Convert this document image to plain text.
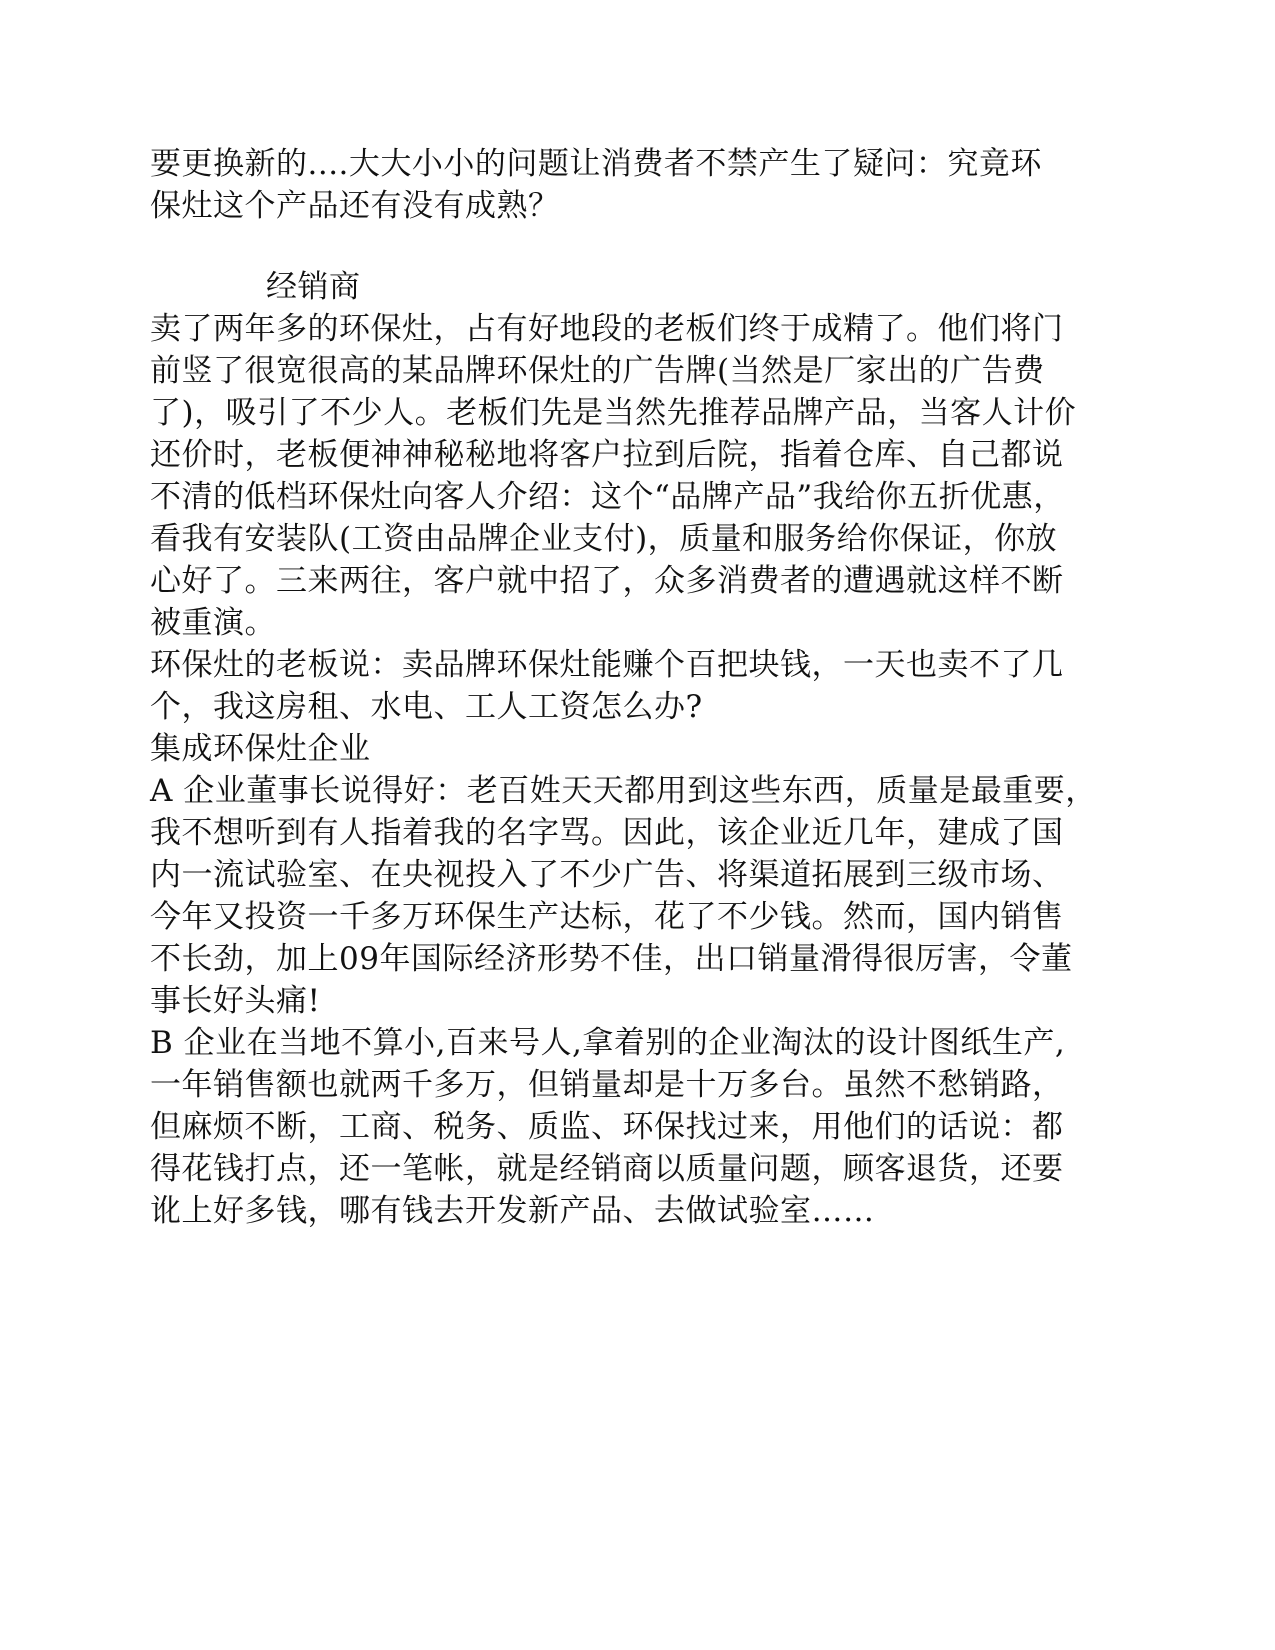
要更换新的....大大小小的问题让消费者不禁产生了疑问：究竟环
保灶这个产品还有没有成熟？
经销商
卖了两年多的环保灶，占有好地段的老板们终于成精了。他们将门
前竖了很宽很高的某品牌环保灶的广告牌(当然是厂家出的广告费
了)，吸引了不少人。老板们先是当然先推荐品牌产品，当客人计价
还价时，老板便神神秘秘地将客户拉到后院，指着仓库、自己都说
不清的低档环保灶向客人介绍：这个“品牌产品”我给你五折优惠，
看我有安装队(工资由品牌企业支付)，质量和服务给你保证，你放
心好了。三来两往，客户就中招了，众多消费者的遭遇就这样不断
被重演。
环保灶的老板说：卖品牌环保灶能赚个百把块钱，一天也卖不了几
个，我这房租、水电、工人工资怎么办?
集成环保灶企业
A 企业董事长说得好：老百姓天天都用到这些东西，质量是最重要，
我不想听到有人指着我的名字骂。因此，该企业近几年，建成了国
内一流试验室、在央视投入了不少广告、将渠道拓展到三级市场、
今年又投资一千多万环保生产达标，花了不少钱。然而，国内销售
不长劲，加上09年国际经济形势不佳，出口销量滑得很厉害，令董
事长好头痛!
B 企业在当地不算小,百来号人,拿着别的企业淘汰的设计图纸生产,
一年销售额也就两千多万，但销量却是十万多台。虽然不愁销路，
但麻烦不断，工商、税务、质监、环保找过来，用他们的话说：都
得花钱打点，还一笔帐，就是经销商以质量问题，顾客退货，还要
讹上好多钱，哪有钱去开发新产品、去做试验室……
